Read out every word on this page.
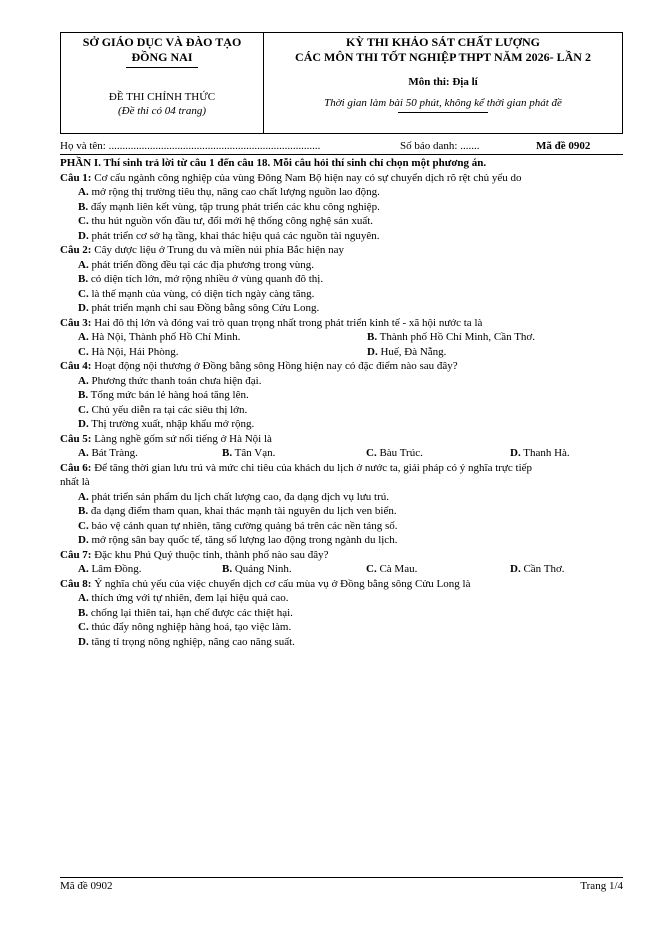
SỞ GIÁO DỤC VÀ ĐÀO TẠO
ĐỒNG NAI
ĐỀ THI CHÍNH THỨC
(Đề thi có 04 trang)
KỲ THI KHẢO SÁT CHẤT LƯỢNG
CÁC MÔN THI TỐT NGHIỆP THPT NĂM 2026- LẦN 2
Môn thi: Địa lí
Thời gian làm bài 50 phút, không kể thời gian phát đề
Họ và tên: .............................................................................	Số báo danh: .......	Mã đề 0902
PHẦN I. Thí sinh trả lời từ câu 1 đến câu 18. Mỗi câu hỏi thí sinh chỉ chọn một phương án.
Câu 1: Cơ cấu ngành công nghiệp của vùng Đông Nam Bộ hiện nay có sự chuyển dịch rõ rệt chủ yếu do
A. mở rộng thị trường tiêu thụ, nâng cao chất lượng nguồn lao động.
B. đẩy mạnh liên kết vùng, tập trung phát triển các khu công nghiệp.
C. thu hút nguồn vốn đầu tư, đổi mới hệ thống công nghệ sản xuất.
D. phát triển cơ sở hạ tầng, khai thác hiệu quả các nguồn tài nguyên.
Câu 2: Cây dược liệu ở Trung du và miền núi phía Bắc hiện nay
A. phát triển đồng đều tại các địa phương trong vùng.
B. có diện tích lớn, mở rộng nhiều ở vùng quanh đô thị.
C. là thế mạnh của vùng, có diện tích ngày càng tăng.
D. phát triển mạnh chỉ sau Đồng bằng sông Cửu Long.
Câu 3: Hai đô thị lớn và đóng vai trò quan trọng nhất trong phát triển kinh tế - xã hội nước ta là
A. Hà Nội, Thành phố Hồ Chí Minh.	B. Thành phố Hồ Chí Minh, Cần Thơ.
C. Hà Nội, Hải Phòng.	D. Huế, Đà Nẵng.
Câu 4: Hoạt động nội thương ở Đồng bằng sông Hồng hiện nay có đặc điểm nào sau đây?
A. Phương thức thanh toán chưa hiện đại.
B. Tổng mức bán lẻ hàng hoá tăng lên.
C. Chủ yếu diễn ra tại các siêu thị lớn.
D. Thị trường xuất, nhập khẩu mở rộng.
Câu 5: Làng nghề gốm sứ nổi tiếng ở Hà Nội là
A. Bát Tràng.	B. Tân Vạn.	C. Bàu Trúc.	D. Thanh Hà.
Câu 6: Để tăng thời gian lưu trú và mức chi tiêu của khách du lịch ở nước ta, giải pháp có ý nghĩa trực tiếp
nhất là
A. phát triển sản phẩm du lịch chất lượng cao, đa dạng dịch vụ lưu trú.
B. đa dạng điểm tham quan, khai thác mạnh tài nguyên du lịch ven biển.
C. bảo vệ cảnh quan tự nhiên, tăng cường quảng bá trên các nền tảng số.
D. mở rộng sân bay quốc tế, tăng số lượng lao động trong ngành du lịch.
Câu 7: Đặc khu Phú Quý thuộc tỉnh, thành phố nào sau đây?
A. Lâm Đồng.	B. Quảng Ninh.	C. Cà Mau.	D. Cần Thơ.
Câu 8: Ý nghĩa chủ yếu của việc chuyển dịch cơ cấu mùa vụ ở Đồng bằng sông Cửu Long là
A. thích ứng với tự nhiên, đem lại hiệu quả cao.
B. chống lại thiên tai, hạn chế được các thiệt hại.
C. thúc đẩy nông nghiệp hàng hoá, tạo việc làm.
D. tăng tỉ trọng nông nghiệp, nâng cao năng suất.
Mã đề 0902	Trang 1/4
